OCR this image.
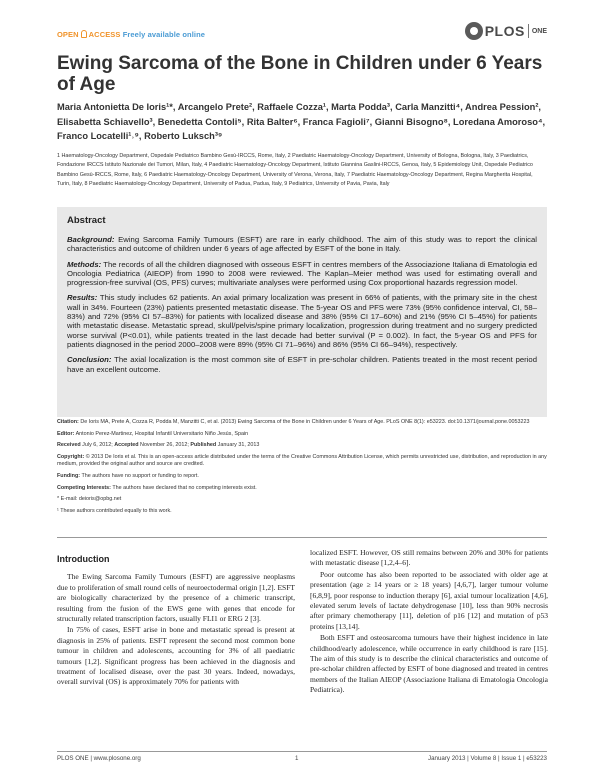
OPEN ACCESS Freely available online	PLOS ONE
Ewing Sarcoma of the Bone in Children under 6 Years of Age
Maria Antonietta De Ioris¹*, Arcangelo Prete², Raffaele Cozza¹, Marta Podda³, Carla Manzitti⁴, Andrea Pession², Elisabetta Schiavello³, Benedetta Contoli⁵, Rita Balter⁶, Franca Fagioli⁷, Gianni Bisogno⁸, Loredana Amoroso⁴, Franco Locatelli¹˒⁹, Roberto Luksch³⁹
1 Haematology-Oncology Department, Ospedale Pediatrico Bambino Gesù-IRCCS, Rome, Italy, 2 Paediatric Haematology-Oncology Department, University of Bologna, Bologna, Italy, 3 Paediatrics, Fondazione IRCCS Istituto Nazionale dei Tumori, Milan, Italy, 4 Paediatric Haematology-Oncology Department, Istituto Giannina Gaslini-IRCCS, Genoa, Italy, 5 Epidemiology Unit, Ospedale Pediatrico Bambino Gesù-IRCCS, Rome, Italy, 6 Paediatric Haematology-Oncology Department, University of Verona, Verona, Italy, 7 Paediatric Haematology-Oncology Department, Regina Margherita Hospital, Turin, Italy, 8 Paediatric Haematology-Oncology Department, University of Padua, Padua, Italy, 9 Pediatrics, University of Pavia, Pavia, Italy
Abstract

Background: Ewing Sarcoma Family Tumours (ESFT) are rare in early childhood. The aim of this study was to report the clinical characteristics and outcome of children under 6 years of age affected by ESFT of the bone in Italy.

Methods: The records of all the children diagnosed with osseous ESFT in centres members of the Associazione Italiana di Ematologia ed Oncologia Pediatrica (AIEOP) from 1990 to 2008 were reviewed. The Kaplan–Meier method was used for estimating overall and progression-free survival (OS, PFS) curves; multivariate analyses were performed using Cox proportional hazards regression model.

Results: This study includes 62 patients. An axial primary localization was present in 66% of patients, with the primary site in the chest wall in 34%. Fourteen (23%) patients presented metastatic disease. The 5-year OS and PFS were 73% (95% confidence interval, CI, 58–83%) and 72% (95% CI 57–83%) for patients with localized disease and 38% (95% CI 17–60%) and 21% (95% CI 5–45%) for patients with metastatic disease. Metastatic spread, skull/pelvis/spine primary localization, progression during treatment and no surgery predicted worse survival (P<0.01), while patients treated in the last decade had better survival (P = 0.002). In fact, the 5-year OS and PFS for patients diagnosed in the period 2000–2008 were 89% (95% CI 71–96%) and 86% (95% CI 66–94%), respectively.

Conclusion: The axial localization is the most common site of ESFT in pre-scholar children. Patients treated in the most recent period have an excellent outcome.

Citation: De Ioris MA, Prete A, Cozza R, Podda M, Manzitti C, et al. (2013) Ewing Sarcoma of the Bone in Children under 6 Years of Age. PLoS ONE 8(1): e53223. doi:10.1371/journal.pone.0053223
Editor: Antonio Perez-Martinez, Hospital Infantil Universitario Niño Jesús, Spain
Received July 6, 2012; Accepted November 26, 2012; Published January 31, 2013
Copyright: © 2013 De Ioris et al. This is an open-access article distributed under the terms of the Creative Commons Attribution License, which permits unrestricted use, distribution, and reproduction in any medium, provided the original author and source are credited.
Funding: The authors have no support or funding to report.
Competing Interests: The authors have declared that no competing interests exist.
* E-mail: deioris@opbg.net
¹ These authors contributed equally to this work.
Introduction

The Ewing Sarcoma Family Tumours (ESFT) are aggressive neoplasms due to proliferation of small round cells of neuroectodermal origin [1,2]. ESFT are biologically characterized by the presence of a chimeric transcript, resulting from the fusion of the EWS gene with genes that encode for structurally related transcription factors, usually FLI1 or ERG 2 [3].

In 75% of cases, ESFT arise in bone and metastatic spread is present at diagnosis in 25% of patients. ESFT represent the second most common bone tumour in children and adolescents, accounting for 3% of all paediatric tumours [1,2]. Significant progress has been achieved in the diagnosis and treatment of localised disease, over the past 30 years. Indeed, nowadays, overall survival (OS) is approximately 70% for patients with

localized ESFT. However, OS still remains between 20% and 30% for patients with metastatic disease [1,2,4–6].

Poor outcome has also been reported to be associated with older age at presentation (age ≥ 14 years or ≥ 18 years) [4,6,7], larger tumour volume [6,8,9], poor response to induction therapy [6], axial tumour localization [4,6], elevated serum levels of lactate dehydrogenase [10], less than 90% necrosis after primary chemotherapy [11], deletion of p16 [12] and mutation of p53 proteins [13,14].

Both ESFT and osteosarcoma tumours have their highest incidence in late childhood/early adolescence, while occurrence in early childhood is rare [15]. The aim of this study is to describe the clinical characteristics and outcome of pre-scholar children affected by ESFT of bone diagnosed and treated in centres members of the Italian AIEOP (Associazione Italiana di Ematologia Oncologia Pediatrica).

PLOS ONE | www.plosone.org	1	January 2013 | Volume 8 | Issue 1 | e53223
